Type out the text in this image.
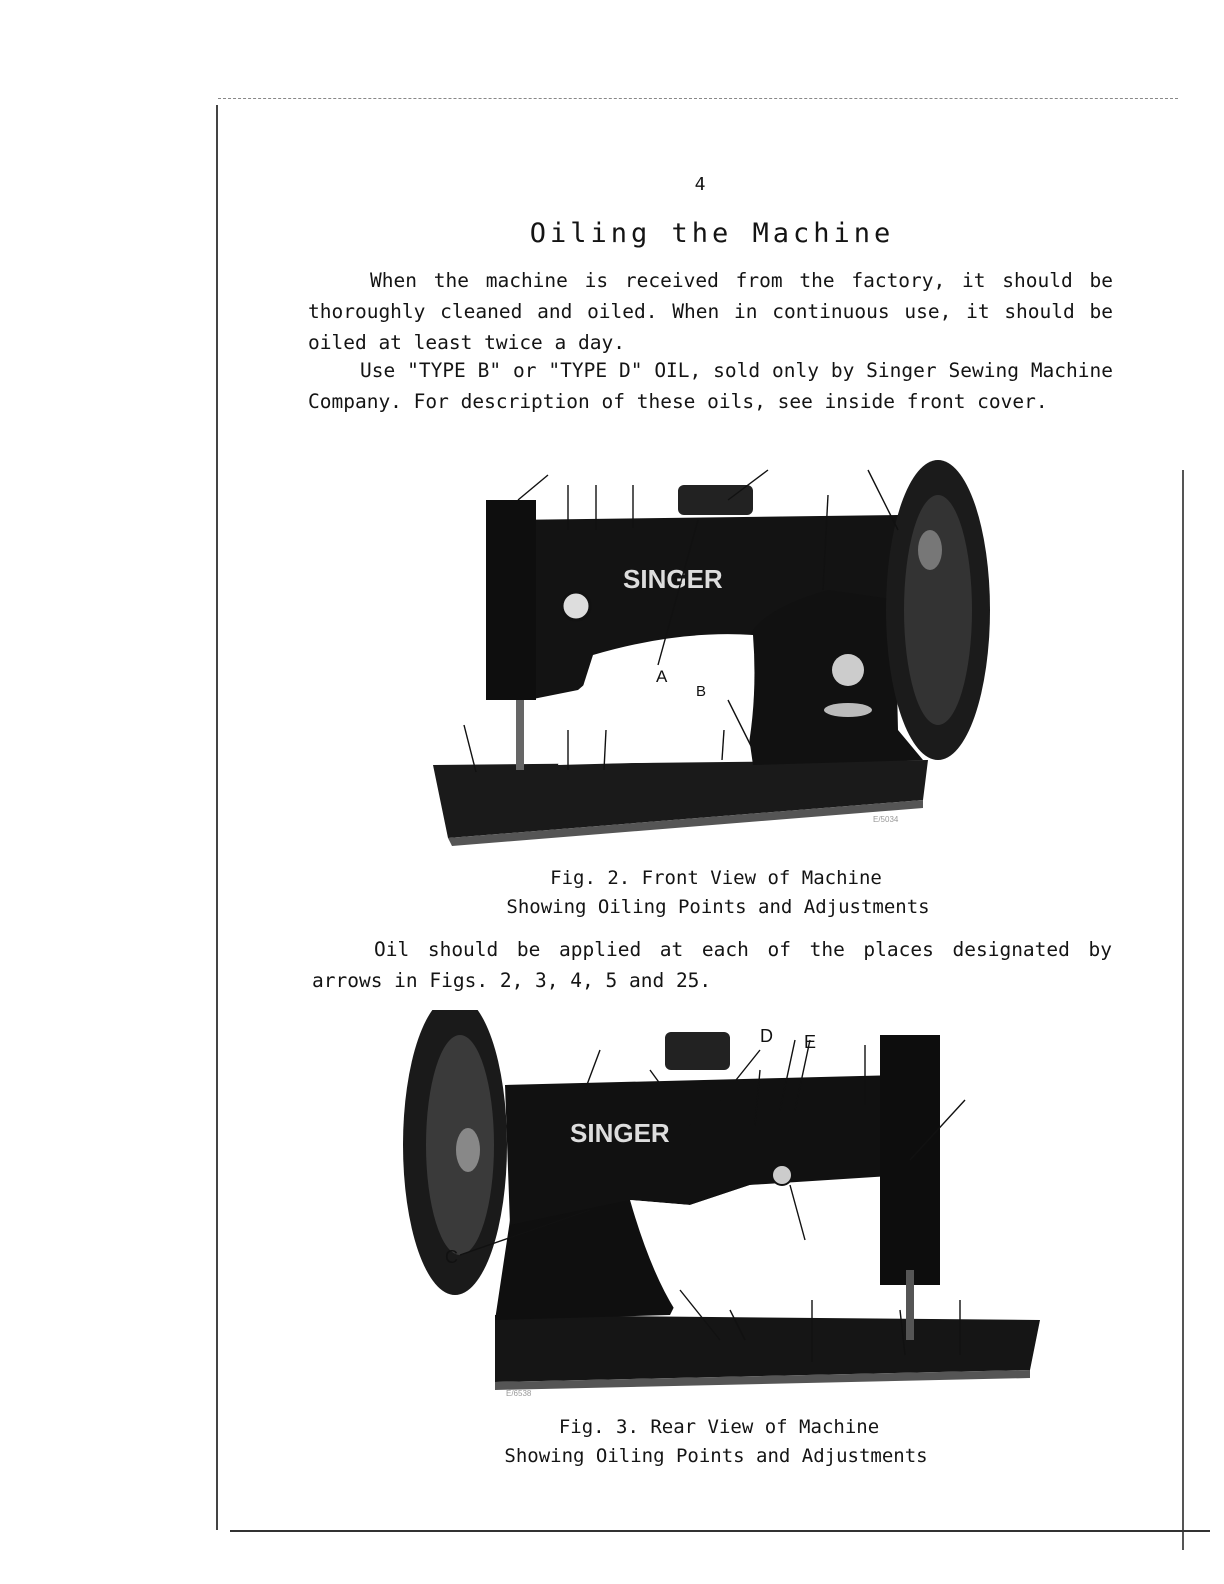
4
Oiling the Machine
When the machine is received from the factory, it should be thoroughly cleaned and oiled. When in continuous use, it should be oiled at least twice a day.
Use "TYPE B" or "TYPE D" OIL, sold only by Singer Sewing Machine Company. For description of these oils, see inside front cover.
SINGER
A
B
E/5034
Fig. 2. Front View of Machine
Showing Oiling Points and Adjustments
Oil should be applied at each of the places designated by arrows in Figs. 2, 3, 4, 5 and 25.
SINGER
C
D E
E/6538
Fig. 3. Rear View of Machine
Showing Oiling Points and Adjustments
